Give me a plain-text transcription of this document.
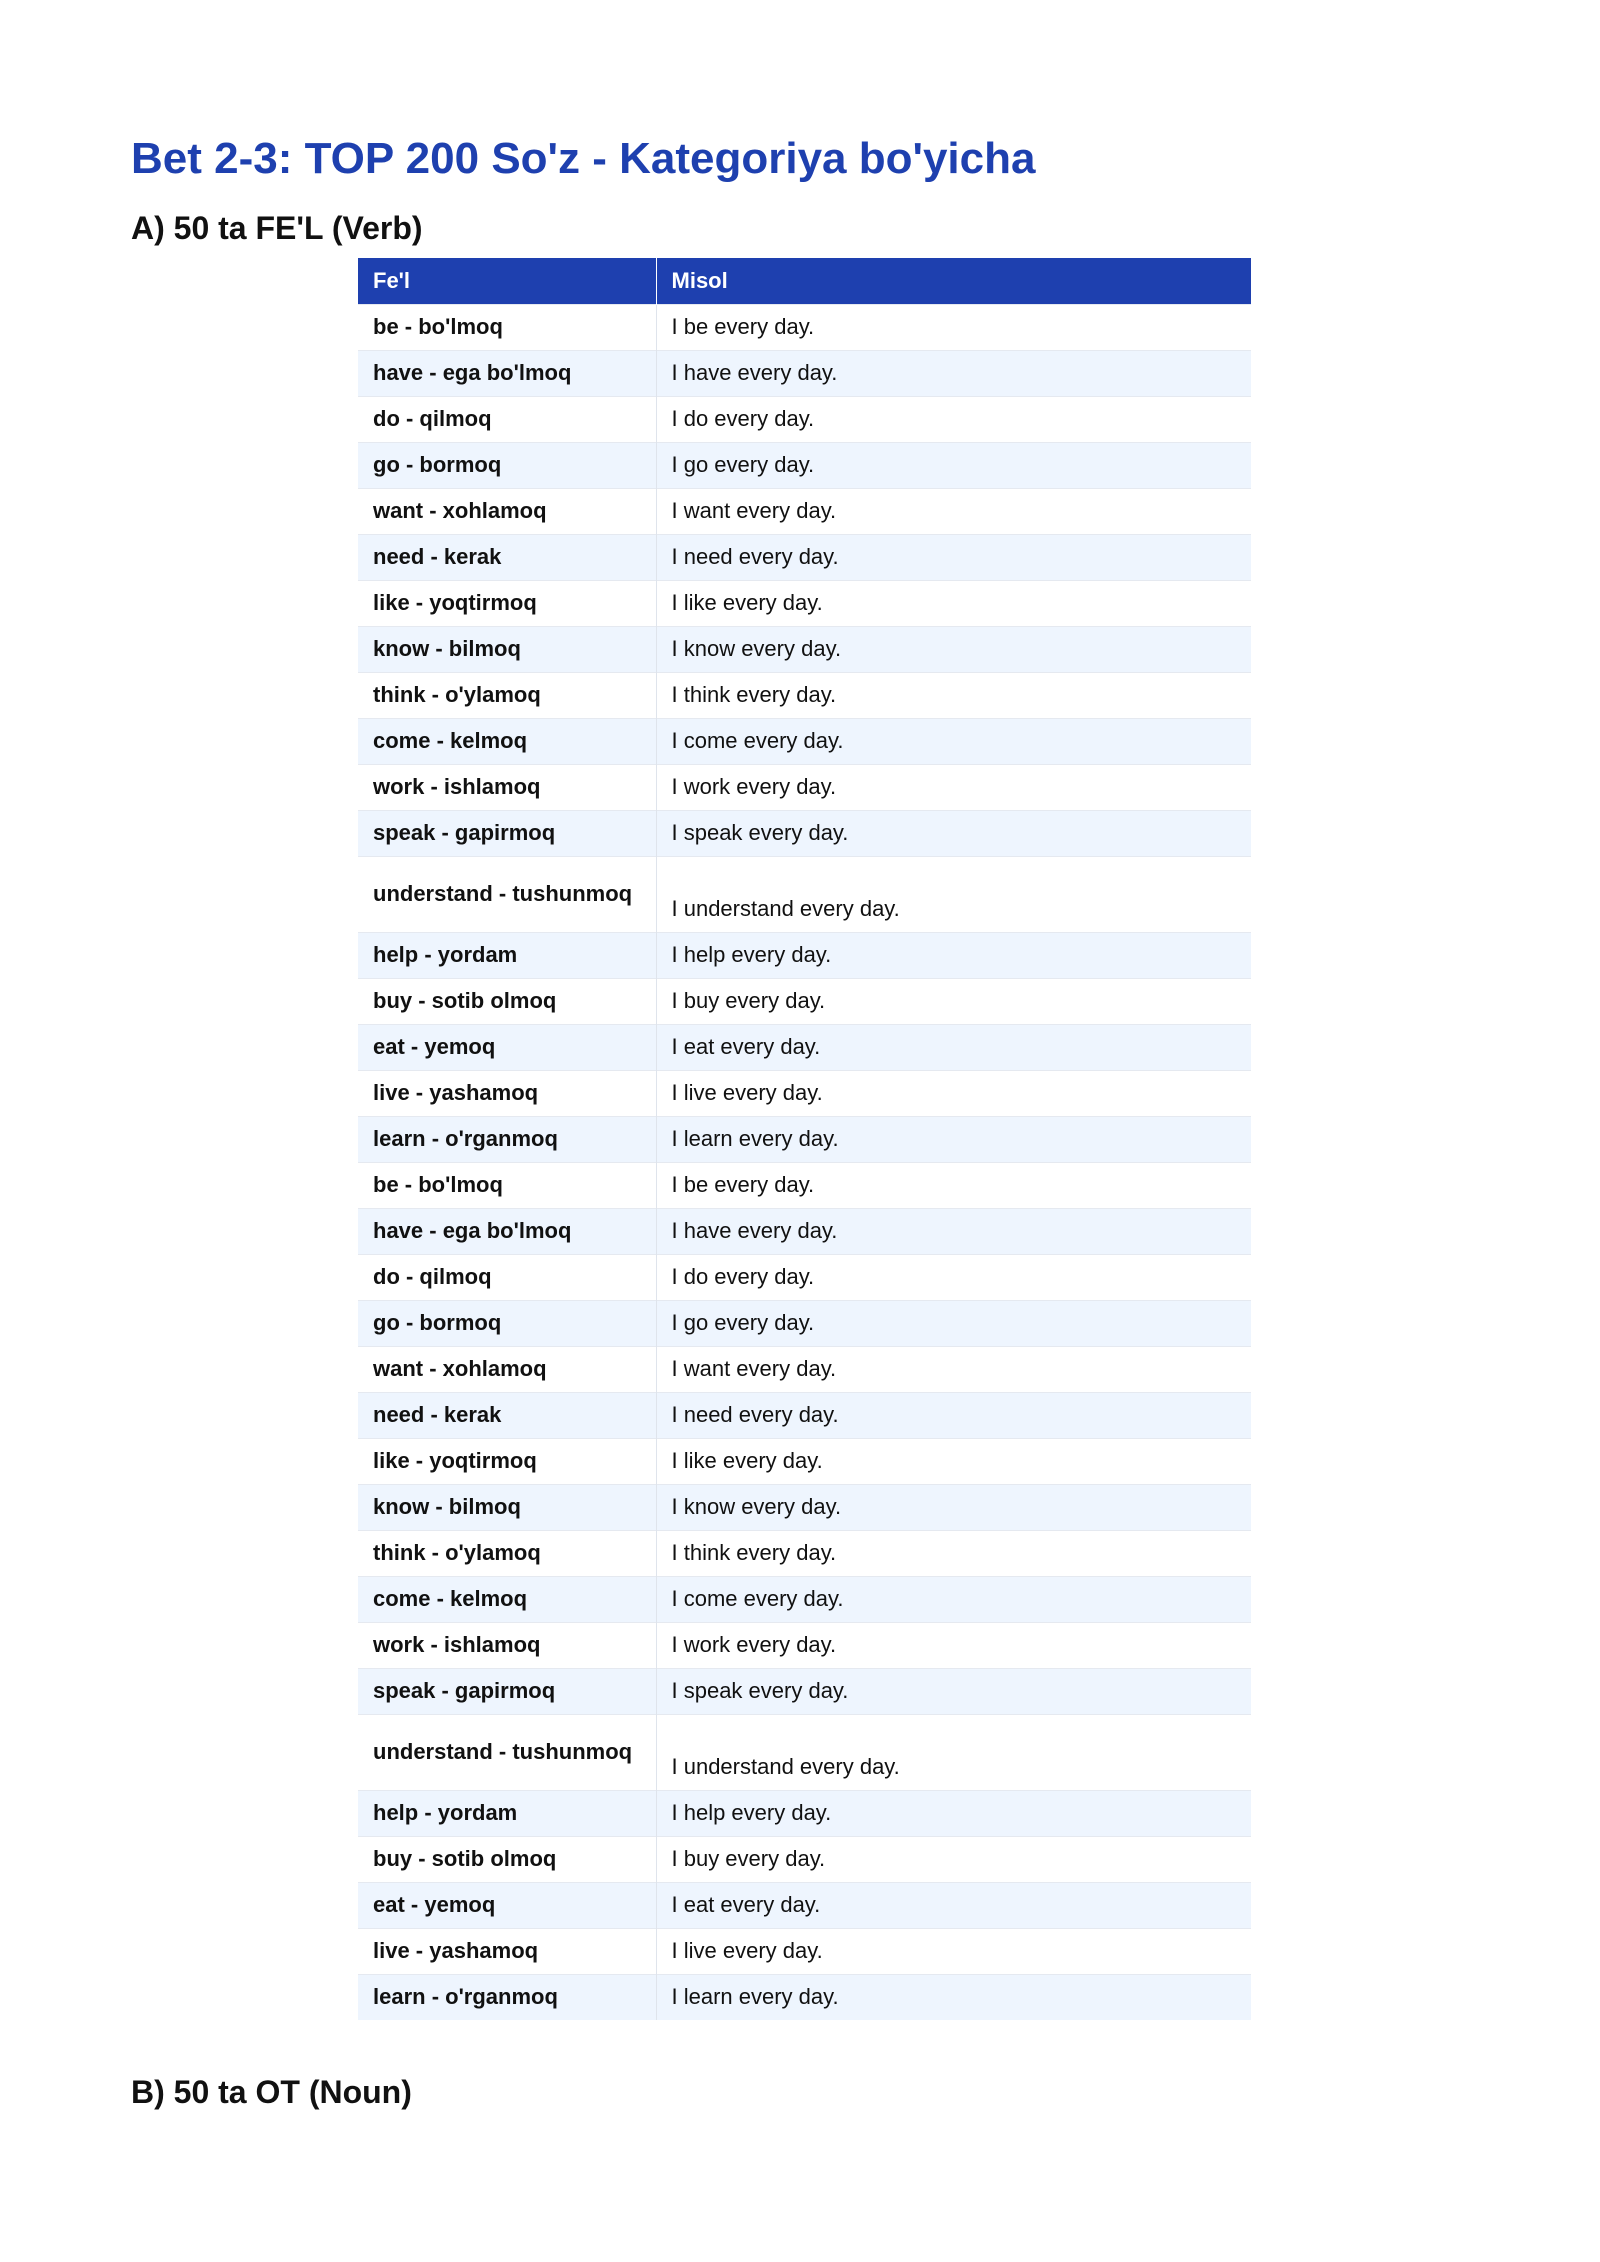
Bet 2-3: TOP 200 So'z - Kategoriya bo'yicha
A) 50 ta FE'L (Verb)
Fe'l	Misol
be - bo'lmoq	I be every day.
have - ega bo'lmoq	I have every day.
do - qilmoq	I do every day.
go - bormoq	I go every day.
want - xohlamoq	I want every day.
need - kerak	I need every day.
like - yoqtirmoq	I like every day.
know - bilmoq	I know every day.
think - o'ylamoq	I think every day.
come - kelmoq	I come every day.
work - ishlamoq	I work every day.
speak - gapirmoq	I speak every day.
understand - tushunmoq	I understand every day.
help - yordam	I help every day.
buy - sotib olmoq	I buy every day.
eat - yemoq	I eat every day.
live - yashamoq	I live every day.
learn - o'rganmoq	I learn every day.
be - bo'lmoq	I be every day.
have - ega bo'lmoq	I have every day.
do - qilmoq	I do every day.
go - bormoq	I go every day.
want - xohlamoq	I want every day.
need - kerak	I need every day.
like - yoqtirmoq	I like every day.
know - bilmoq	I know every day.
think - o'ylamoq	I think every day.
come - kelmoq	I come every day.
work - ishlamoq	I work every day.
speak - gapirmoq	I speak every day.
understand - tushunmoq	I understand every day.
help - yordam	I help every day.
buy - sotib olmoq	I buy every day.
eat - yemoq	I eat every day.
live - yashamoq	I live every day.
learn - o'rganmoq	I learn every day.
B) 50 ta OT (Noun)
